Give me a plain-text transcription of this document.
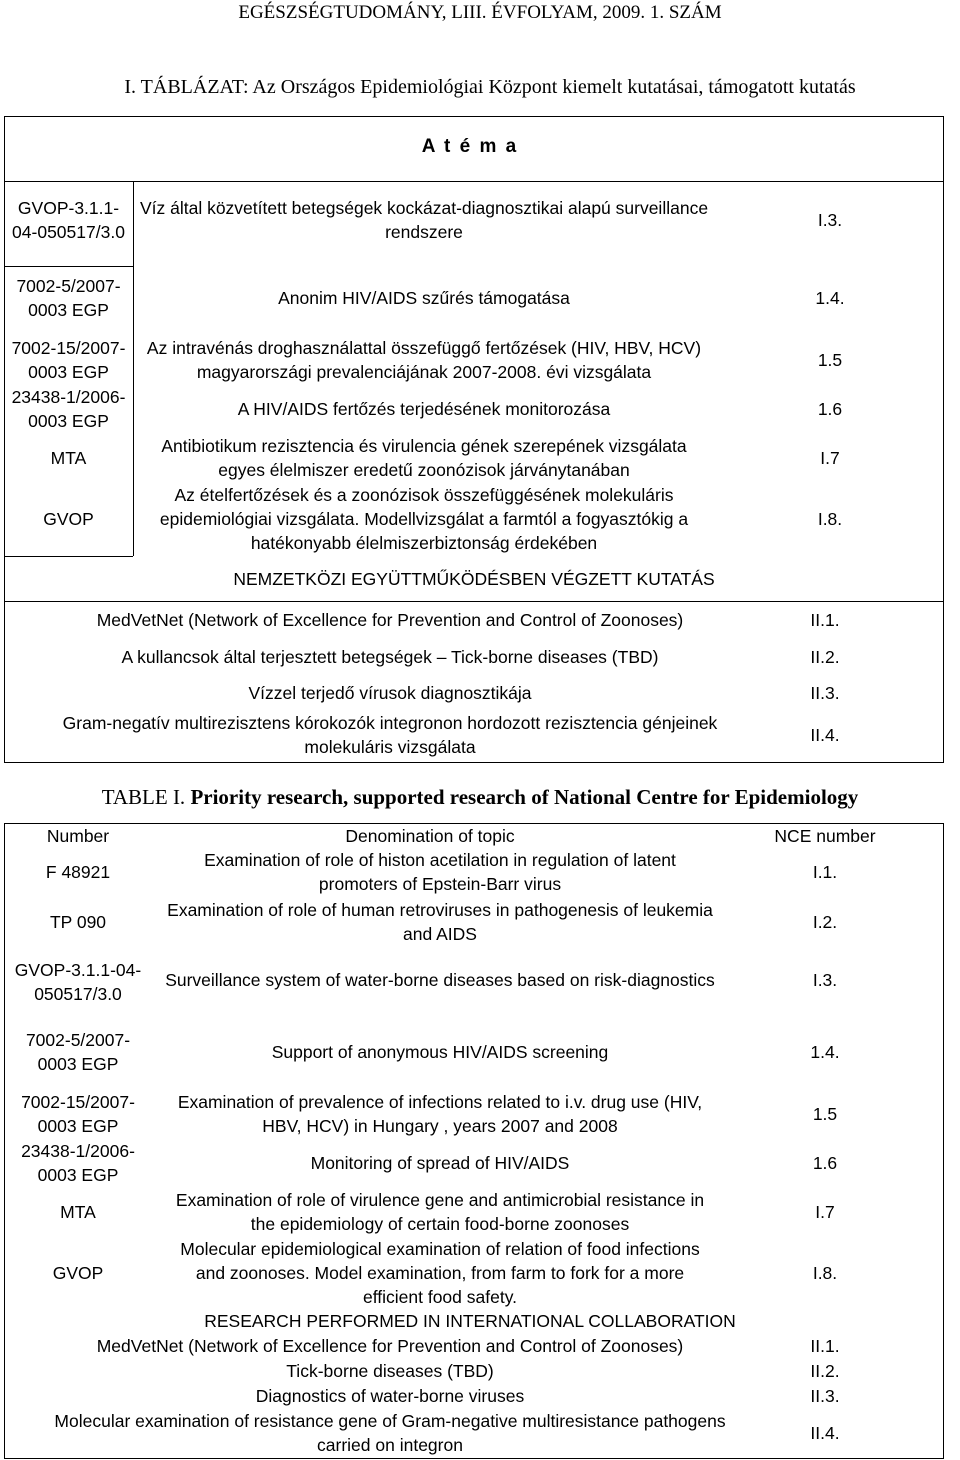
EGÉSZSÉGTUDOMÁNY, LIII. ÉVFOLYAM, 2009. 1. SZÁM
I. TÁBLÁZAT: Az Országos Epidemiológiai Központ kiemelt kutatásai, támogatott kutatás
A t é m a
GVOP-3.1.1-
04-050517/3.0
7002-5/2007-
0003 EGP
7002-15/2007-
0003 EGP
23438-1/2006-
0003 EGP
MTA
GVOP
Víz által közvetített betegségek kockázat-diagnosztikai alapú surveillance
rendszere
Anonim HIV/AIDS szűrés támogatása
Az intravénás droghasználattal összefüggő fertőzések (HIV, HBV, HCV)
magyarországi prevalenciájának 2007-2008. évi vizsgálata
A HIV/AIDS fertőzés terjedésének monitorozása
Antibiotikum rezisztencia és virulencia gének szerepének vizsgálata
egyes élelmiszer eredetű zoonózisok járványtanában
Az ételfertőzések és a zoonózisok összefüggésének molekuláris
epidemiológiai vizsgálata. Modellvizsgálat a farmtól a fogyasztókig a
hatékonyabb élelmiszerbiztonság érdekében
I.3.
1.4.
1.5
1.6
I.7
I.8.
NEMZETKÖZI EGYÜTTMŰKÖDÉSBEN VÉGZETT KUTATÁS
MedVetNet (Network of Excellence for Prevention and Control of Zoonoses)
A kullancsok által terjesztett betegségek – Tick-borne diseases (TBD)
Vízzel terjedő vírusok diagnosztikája
Gram-negatív multirezisztens kórokozók integronon hordozott rezisztencia génjeinek
molekuláris vizsgálata
II.1.
II.2.
II.3.
II.4.
TABLE I. Priority research, supported research of National Centre for Epidemiology
Number	Denomination of topic	NCE number
F 48921
TP 090
GVOP-3.1.1-04-
050517/3.0
7002-5/2007-
0003 EGP
7002-15/2007-
0003 EGP
23438-1/2006-
0003 EGP
MTA
GVOP
Examination of role of histon acetilation in regulation of latent
promoters of Epstein-Barr virus
Examination of role of human retroviruses in pathogenesis of leukemia
and AIDS
Surveillance system of water-borne diseases based on risk-diagnostics
Support of anonymous HIV/AIDS screening
Examination of prevalence of infections related to i.v. drug use (HIV,
HBV, HCV) in Hungary , years 2007 and 2008
Monitoring of spread of HIV/AIDS
Examination of role of virulence gene and antimicrobial resistance in
the epidemiology of certain food-borne zoonoses
Molecular epidemiological examination of relation of food infections
and zoonoses. Model examination, from farm to fork for a more
efficient food safety.
I.1.
I.2.
I.3.
1.4.
1.5
1.6
I.7
I.8.
RESEARCH PERFORMED IN INTERNATIONAL COLLABORATION
MedVetNet (Network of Excellence for Prevention and Control of Zoonoses)
Tick-borne diseases (TBD)
Diagnostics of water-borne viruses
Molecular examination of resistance gene of Gram-negative multiresistance pathogens
carried on integron
II.1.
II.2.
II.3.
II.4.
